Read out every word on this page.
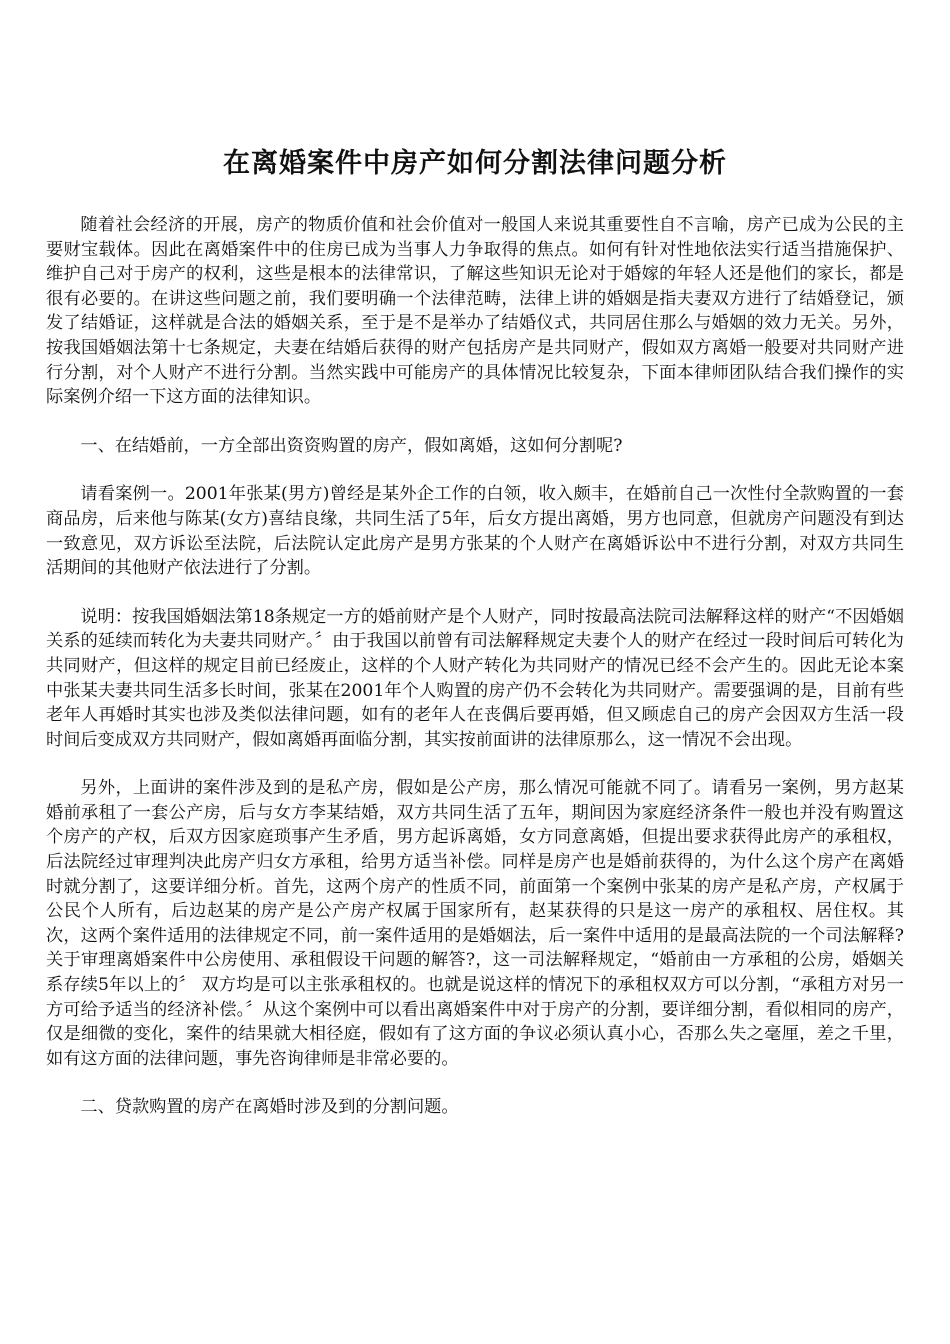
在离婚案件中房产如何分割法律问题分析

随着社会经济的开展，房产的物质价值和社会价值对一般国人来说其重要性自不言喻，房产已成为公民的主要财宝载体。因此在离婚案件中的住房已成为当事人力争取得的焦点。如何有针对性地依法实行适当措施保护、维护自己对于房产的权利，这些是根本的法律常识，了解这些知识无论对于婚嫁的年轻人还是他们的家长，都是很有必要的。在讲这些问题之前，我们要明确一个法律范畴，法律上讲的婚姻是指夫妻双方进行了结婚登记，颁发了结婚证，这样就是合法的婚姻关系，至于是不是举办了结婚仪式，共同居住那么与婚姻的效力无关。另外，按我国婚姻法第十七条规定，夫妻在结婚后获得的财产包括房产是共同财产，假如双方离婚一般要对共同财产进行分割，对个人财产不进行分割。当然实践中可能房产的具体情况比较复杂，下面本律师团队结合我们操作的实际案例介绍一下这方面的法律知识。

一、在结婚前，一方全部出资资购置的房产，假如离婚，这如何分割呢?

请看案例一。2001年张某(男方)曾经是某外企工作的白领，收入颇丰，在婚前自己一次性付全款购置的一套商品房，后来他与陈某(女方)喜结良缘，共同生活了5年，后女方提出离婚，男方也同意，但就房产问题没有到达一致意见，双方诉讼至法院，后法院认定此房产是男方张某的个人财产在离婚诉讼中不进行分割，对双方共同生活期间的其他财产依法进行了分割。

说明：按我国婚姻法第18条规定一方的婚前财产是个人财产，同时按最高法院司法解释这样的财产“不因婚姻关系的延续而转化为夫妻共同财产。〞由于我国以前曾有司法解释规定夫妻个人的财产在经过一段时间后可转化为共同财产，但这样的规定目前已经废止，这样的个人财产转化为共同财产的情况已经不会产生的。因此无论本案中张某夫妻共同生活多长时间，张某在2001年个人购置的房产仍不会转化为共同财产。需要强调的是，目前有些老年人再婚时其实也涉及类似法律问题，如有的老年人在丧偶后要再婚，但又顾虑自己的房产会因双方生活一段时间后变成双方共同财产，假如离婚再面临分割，其实按前面讲的法律原那么，这一情况不会出现。

另外，上面讲的案件涉及到的是私产房，假如是公产房，那么情况可能就不同了。请看另一案例，男方赵某婚前承租了一套公产房，后与女方李某结婚，双方共同生活了五年，期间因为家庭经济条件一般也并没有购置这个房产的产权，后双方因家庭琐事产生矛盾，男方起诉离婚，女方同意离婚，但提出要求获得此房产的承租权，后法院经过审理判决此房产归女方承租，给男方适当补偿。同样是房产也是婚前获得的，为什么这个房产在离婚时就分割了，这要详细分析。首先，这两个房产的性质不同，前面第一个案例中张某的房产是私产房，产权属于公民个人所有，后边赵某的房产是公产房产权属于国家所有，赵某获得的只是这一房产的承租权、居住权。其次，这两个案件适用的法律规定不同，前一案件适用的是婚姻法，后一案件中适用的是最高法院的一个司法解释?关于审理离婚案件中公房使用、承租假设干问题的解答?，这一司法解释规定，“婚前由一方承租的公房，婚姻关系存续5年以上的〞 双方均是可以主张承租权的。也就是说这样的情况下的承租权双方可以分割，“承租方对另一方可给予适当的经济补偿。〞从这个案例中可以看出离婚案件中对于房产的分割，要详细分割，看似相同的房产，仅是细微的变化，案件的结果就大相径庭，假如有了这方面的争议必须认真小心，否那么失之毫厘，差之千里，如有这方面的法律问题，事先咨询律师是非常必要的。

二、贷款购置的房产在离婚时涉及到的分割问题。
